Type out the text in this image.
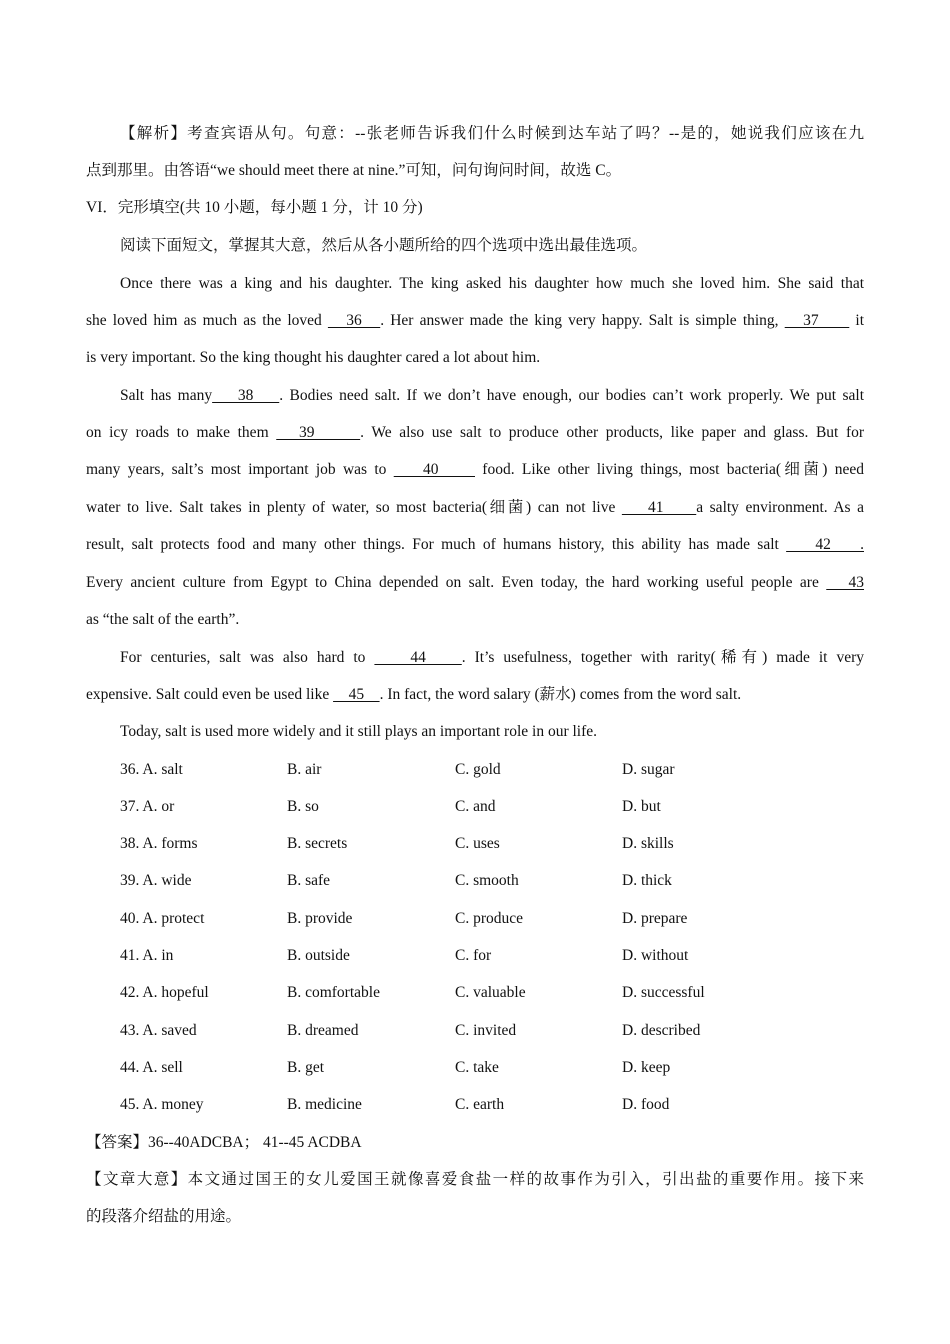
【解析】考查宾语从句。句意：--张老师告诉我们什么时候到达车站了吗？--是的，她说我们应该在九
点到那里。由答语“we should meet there at nine.”可知，问句询问时间，故选 C。
VI．完形填空(共 10 小题，每小题 1 分，计 10 分)
阅读下面短文，掌握其大意，然后从各小题所给的四个选项中选出最佳选项。
Once there was a king and his daughter. The king asked his daughter how much she loved him. She said that
she loved him as much as the loved    36   . Her answer made the king very happy. Salt is simple thing,    37      it
is very important. So the king thought his daughter cared a lot about him.
Salt has many    38    . Bodies need salt. If we don’t have enough, our bodies can’t work properly. We put salt
on icy roads to make them    39      . We also use salt to produce other products, like paper and glass. But for
many years, salt’s most important job was to     40      food. Like other living things, most bacteria(细菌) need
water to live. Salt takes in plenty of water, so most bacteria(细菌) can not live     41     a salty environment. As a
result, salt protects food and many other things. For much of humans history, this ability has made salt     42    .
Every ancient culture from Egypt to China depended on salt. Even today, the hard working useful people are    43
as “the salt of the earth”.
For centuries, salt was also hard to     44    . It’s usefulness, together with rarity(稀有) made it very
expensive. Salt could even be used like     45    . In fact, the word salary (薪水) comes from the word salt.
Today, salt is used more widely and it still plays an important role in our life.
36. A. salt	B. air	C. gold	D. sugar
37. A. or	B. so	C. and	D. but
38. A. forms	B. secrets	C. uses	D. skills
39. A. wide	B. safe	C. smooth	D. thick
40. A. protect	B. provide	C. produce	D. prepare
41. A. in	B. outside	C. for	D. without
42. A. hopeful	B. comfortable	C. valuable	D. successful
43. A. saved	B. dreamed	C. invited	D. described
44. A. sell	B. get	C. take	D. keep
45. A. money	B. medicine	C. earth	D. food
【答案】36--40ADCBA； 41--45 ACDBA
【文章大意】本文通过国王的女儿爱国王就像喜爱食盐一样的故事作为引入，引出盐的重要作用。接下来
的段落介绍盐的用途。
